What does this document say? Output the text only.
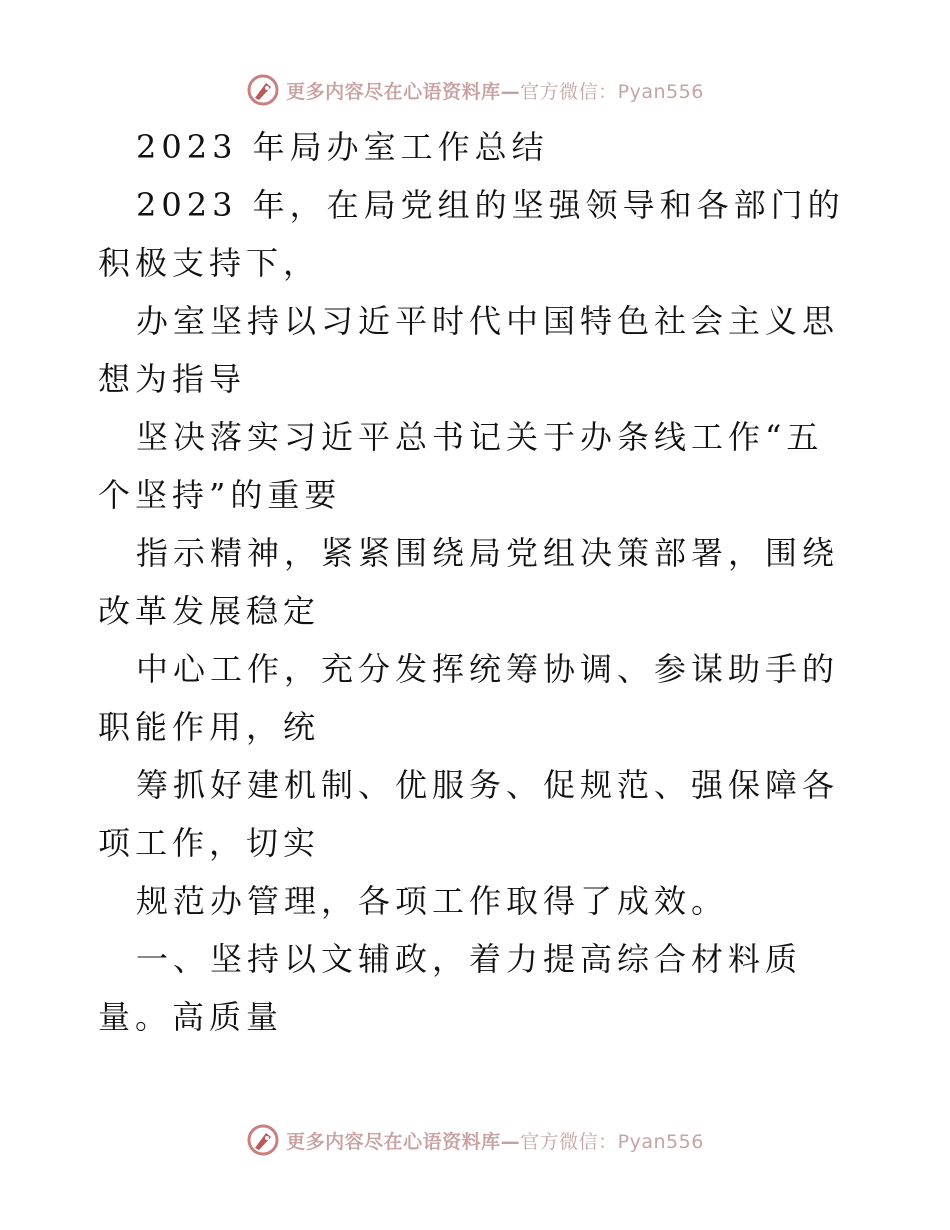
更多内容尽在心语资料库—官方微信：Pyan556

2023 年局办室工作总结

2023 年，在局党组的坚强领导和各部门的积极支持下，

办室坚持以习近平时代中国特色社会主义思想为指导

坚决落实习近平总书记关于办条线工作“五个坚持”的重要

指示精神，紧紧围绕局党组决策部署，围绕改革发展稳定

中心工作，充分发挥统筹协调、参谋助手的职能作用，统

筹抓好建机制、优服务、促规范、强保障各项工作，切实

规范办管理，各项工作取得了成效。

一、坚持以文辅政，着力提高综合材料质量。高质量

更多内容尽在心语资料库—官方微信：Pyan556
